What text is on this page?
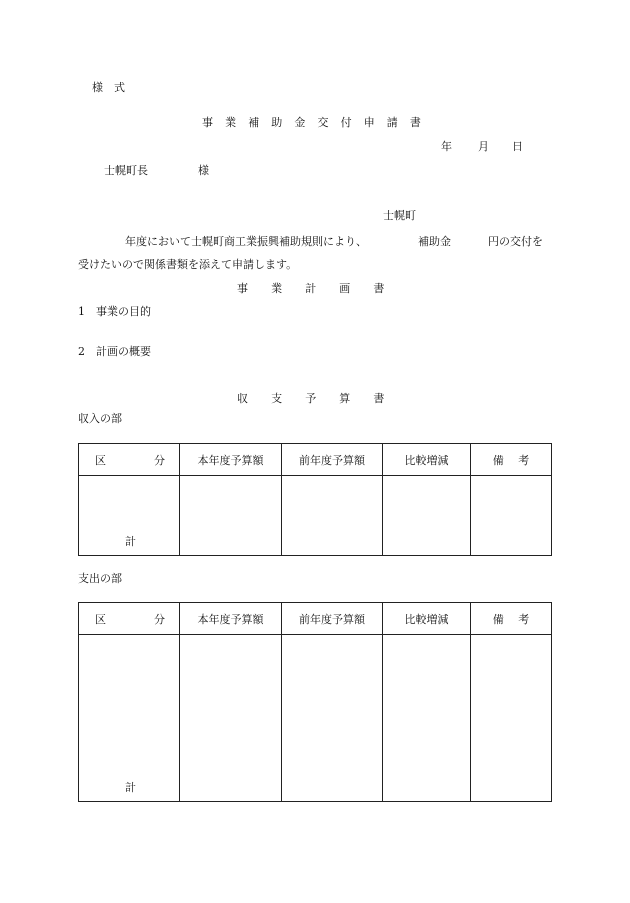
様　式
事業補助金交付申請書
年 月 日
士幌町長	様
士幌町
年度において士幌町商工業振興補助規則により、	補助金	円の交付を
受けたいので関係書類を添えて申請します。
事業計画書
1　事業の目的
2　計画の概要
収支予算書
収入の部
区 分	本年度予算額	前年度予算額	比較増減	備  考

計				

支出の部
区 分	本年度予算額	前年度予算額	比較増減	備  考

計				
